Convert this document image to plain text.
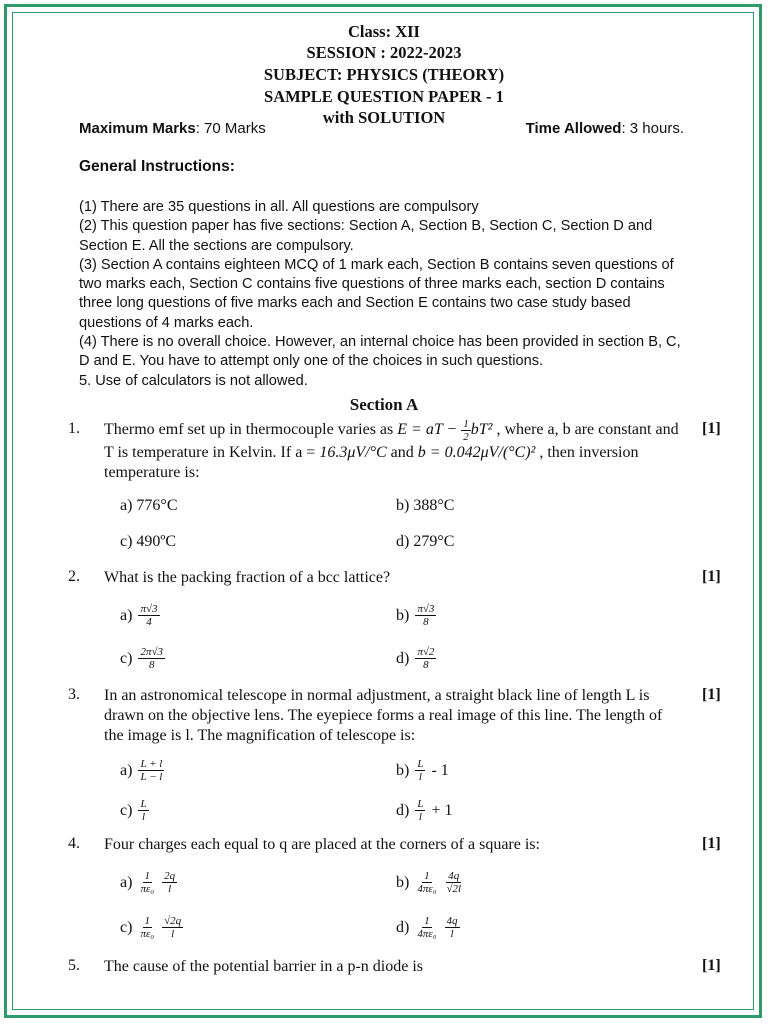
Class: XII
SESSION : 2022-2023
SUBJECT: PHYSICS (THEORY)
SAMPLE QUESTION PAPER - 1
with SOLUTION
Maximum Marks: 70 Marks	Time Allowed: 3 hours.
General Instructions:

(1) There are 35 questions in all. All questions are compulsory

(2) This question paper has five sections: Section A, Section B, Section C, Section D and Section E. All the sections are compulsory.

(3) Section A contains eighteen MCQ of 1 mark each, Section B contains seven questions of two marks each, Section C contains five questions of three marks each, section D contains three long questions of five marks each and Section E contains two case study based questions of 4 marks each.

(4) There is no overall choice. However, an internal choice has been provided in section B, C, D and E. You have to attempt only one of the choices in such questions.

5. Use of calculators is not allowed.

Section A
1. Thermo emf set up in thermocouple varies as E = aT − $\frac{1}{2} bT^2$ , where a, b are constant and T is temperature in Kelvin. If a = 16.3μV/°C and b = 0.042μV/(°C)² , then inversion temperature is:
[1]
a) 776°C	b) 388°C
c) 490ºC	d) 279°C
2. What is the packing fraction of a bcc lattice?	[1]
$a) \frac{\pi√3}{4}$	$b) \frac{\pi√3}{8}$
$c) \frac{2\pi√3}{8}$	$d) \frac{\pi√2}{8}$
3. In an astronomical telescope in normal adjustment, a straight black line of length L is drawn on the objective lens. The eyepiece forms a real image of this line. The length of the image is l. The magnification of telescope is:
[1]
$a) \frac{L + l}{L - l}$	$b) \frac{L}{l} - 1$
$c) \frac{L}{l}$	$d) \frac{L}{l} + 1$
4. Four charges each equal to q are placed at the corners of a square is:	[1]
$a) \frac{1}{\text{πε₀}} \frac{2q}{l}$	$b) \frac{1}{\text{4πε₀}} \frac{4q}{√2l}$
$c) \frac{1}{\text{πε₀}} \frac{√2q}{l}$	$d) \frac{1}{\text{4πε₀}} \frac{4q}{l}$
5. The cause of the potential barrier in a p-n diode is	[1]
